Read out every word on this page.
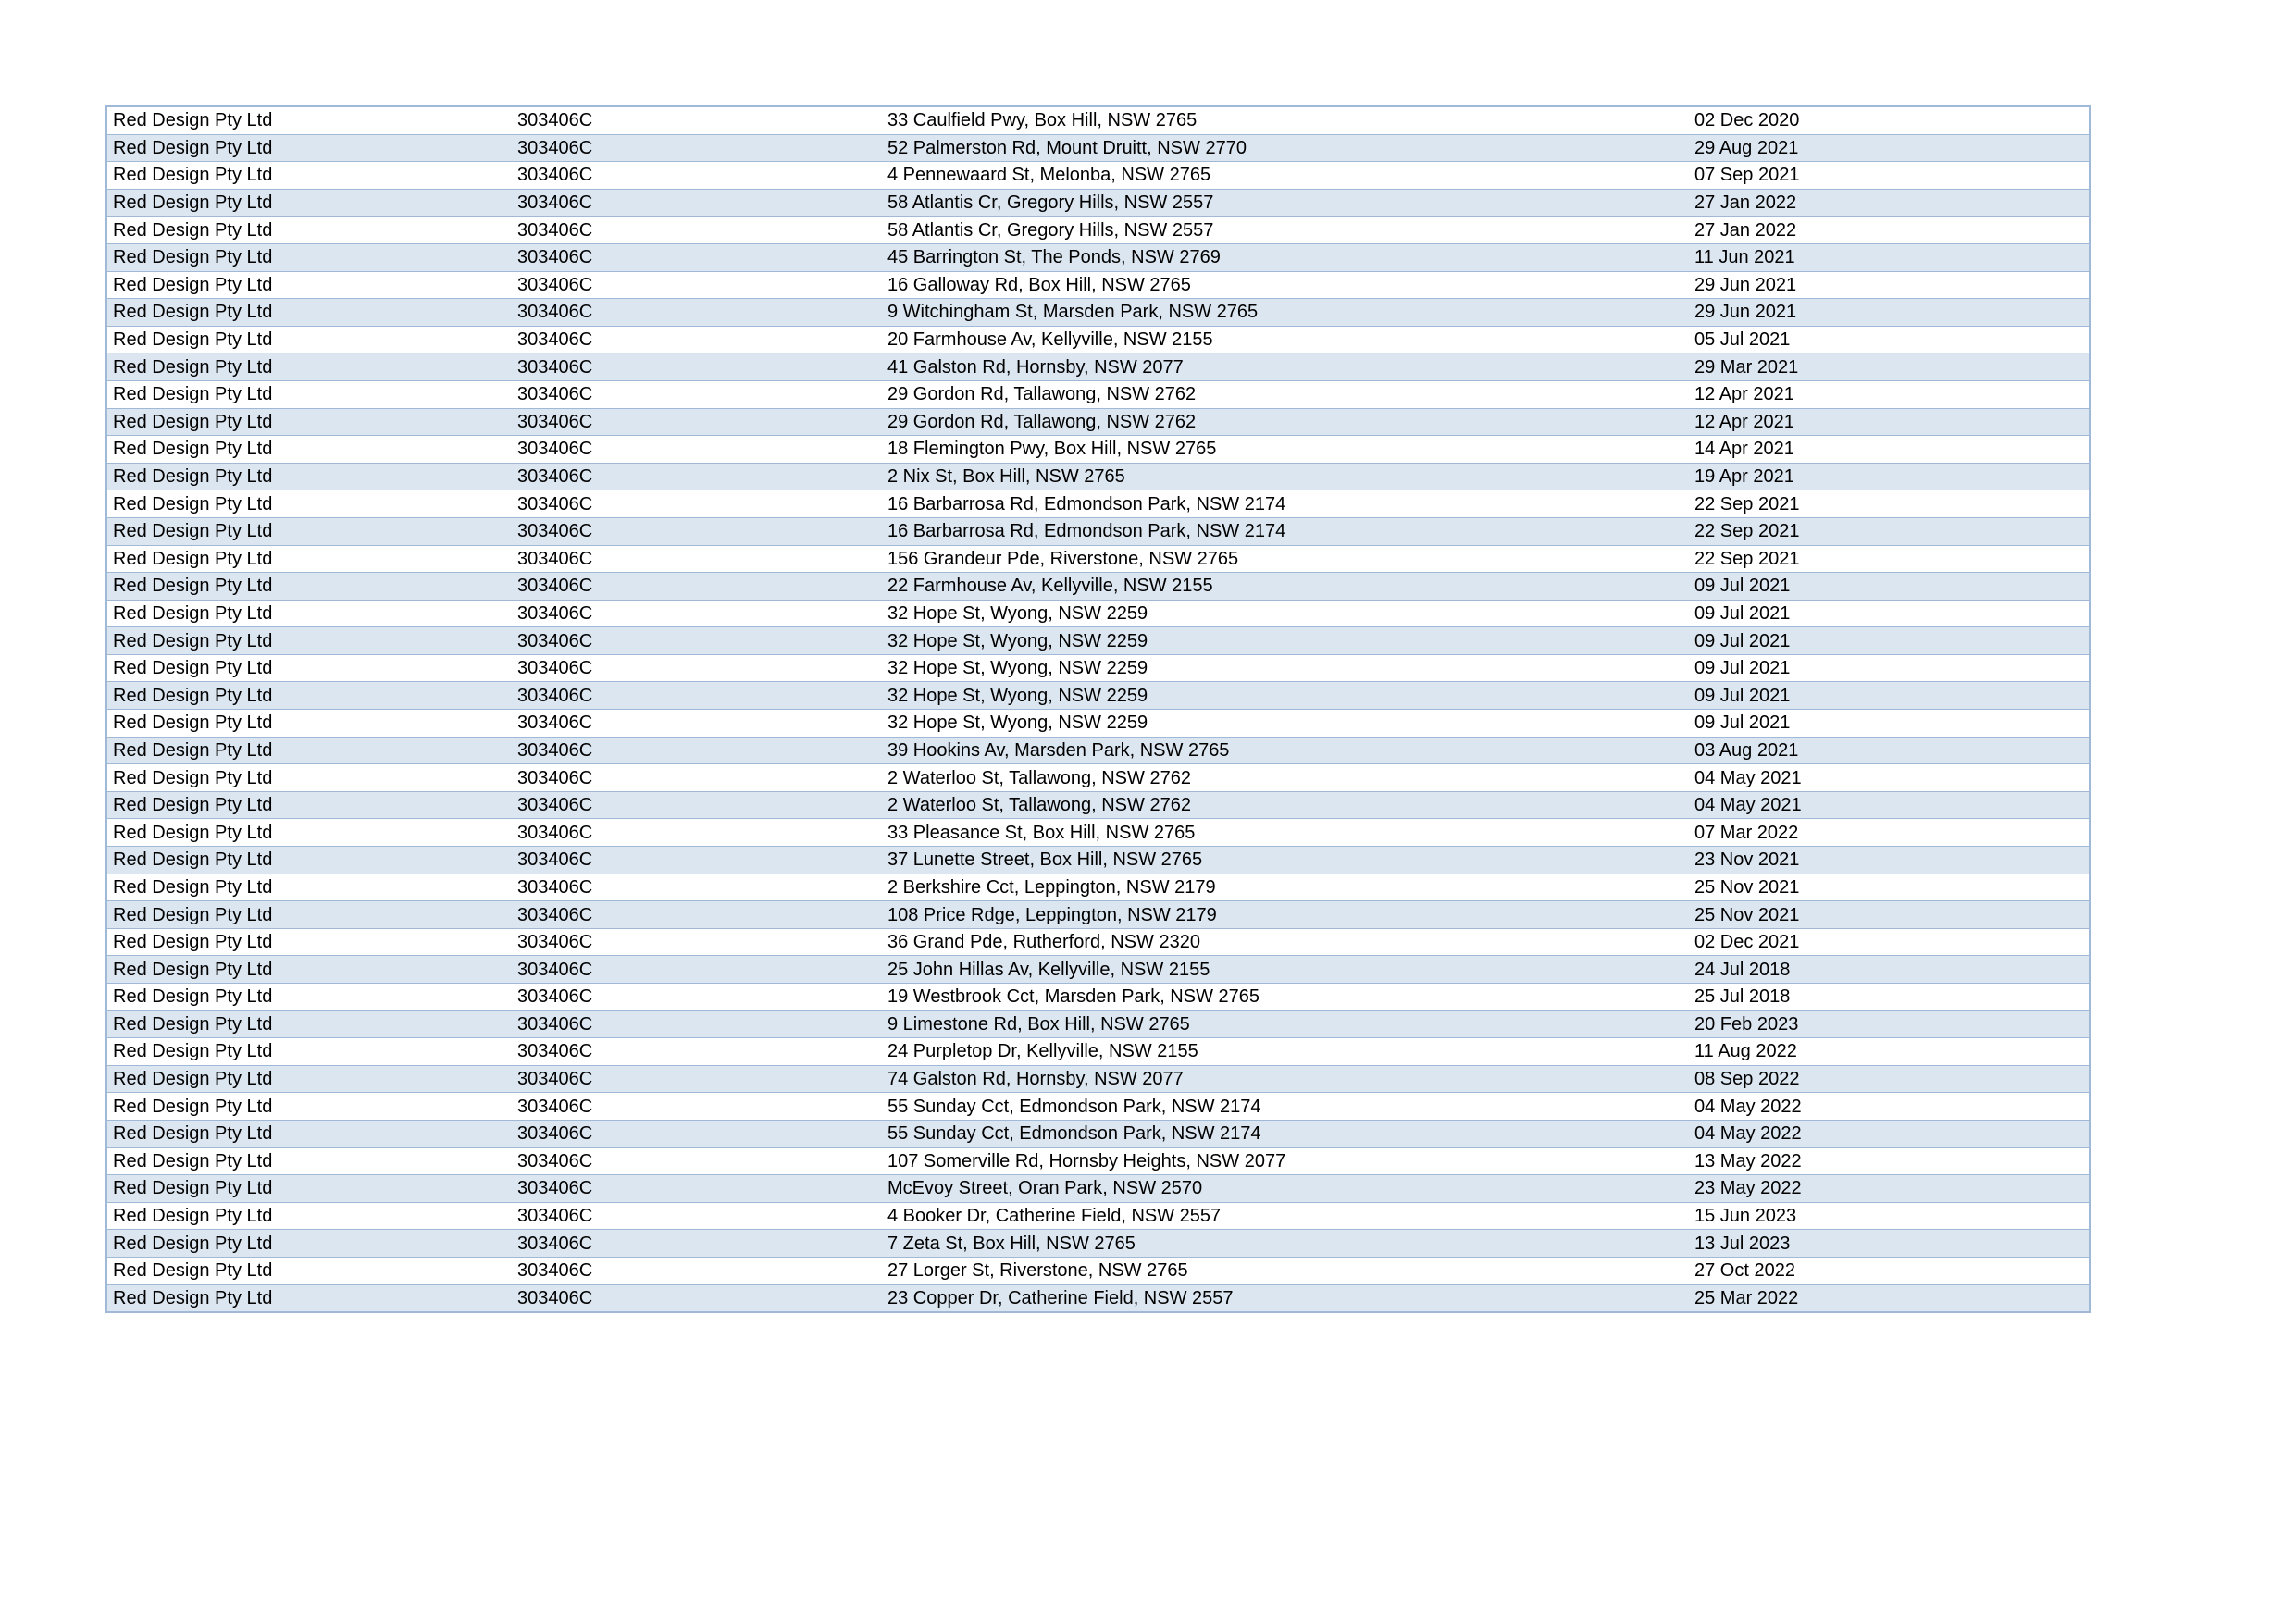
Red Design Pty Ltd	303406C	33 Caulfield Pwy, Box Hill, NSW 2765	02 Dec 2020
Red Design Pty Ltd	303406C	52 Palmerston Rd, Mount Druitt, NSW 2770	29 Aug 2021
Red Design Pty Ltd	303406C	4 Pennewaard St, Melonba, NSW 2765	07 Sep 2021
Red Design Pty Ltd	303406C	58 Atlantis Cr, Gregory Hills, NSW 2557	27 Jan 2022
Red Design Pty Ltd	303406C	58 Atlantis Cr, Gregory Hills, NSW 2557	27 Jan 2022
Red Design Pty Ltd	303406C	45 Barrington St, The Ponds, NSW 2769	11 Jun 2021
Red Design Pty Ltd	303406C	16 Galloway Rd, Box Hill, NSW 2765	29 Jun 2021
Red Design Pty Ltd	303406C	9 Witchingham St, Marsden Park, NSW 2765	29 Jun 2021
Red Design Pty Ltd	303406C	20 Farmhouse Av, Kellyville, NSW 2155	05 Jul 2021
Red Design Pty Ltd	303406C	41 Galston Rd, Hornsby, NSW 2077	29 Mar 2021
Red Design Pty Ltd	303406C	29 Gordon Rd, Tallawong, NSW 2762	12 Apr 2021
Red Design Pty Ltd	303406C	29 Gordon Rd, Tallawong, NSW 2762	12 Apr 2021
Red Design Pty Ltd	303406C	18 Flemington Pwy, Box Hill, NSW 2765	14 Apr 2021
Red Design Pty Ltd	303406C	2 Nix St, Box Hill, NSW 2765	19 Apr 2021
Red Design Pty Ltd	303406C	16 Barbarrosa Rd, Edmondson Park, NSW 2174	22 Sep 2021
Red Design Pty Ltd	303406C	16 Barbarrosa Rd, Edmondson Park, NSW 2174	22 Sep 2021
Red Design Pty Ltd	303406C	156 Grandeur Pde, Riverstone, NSW 2765	22 Sep 2021
Red Design Pty Ltd	303406C	22 Farmhouse Av, Kellyville, NSW 2155	09 Jul 2021
Red Design Pty Ltd	303406C	32 Hope St, Wyong, NSW 2259	09 Jul 2021
Red Design Pty Ltd	303406C	32 Hope St, Wyong, NSW 2259	09 Jul 2021
Red Design Pty Ltd	303406C	32 Hope St, Wyong, NSW 2259	09 Jul 2021
Red Design Pty Ltd	303406C	32 Hope St, Wyong, NSW 2259	09 Jul 2021
Red Design Pty Ltd	303406C	32 Hope St, Wyong, NSW 2259	09 Jul 2021
Red Design Pty Ltd	303406C	39 Hookins Av, Marsden Park, NSW 2765	03 Aug 2021
Red Design Pty Ltd	303406C	2 Waterloo St, Tallawong, NSW 2762	04 May 2021
Red Design Pty Ltd	303406C	2 Waterloo St, Tallawong, NSW 2762	04 May 2021
Red Design Pty Ltd	303406C	33 Pleasance St, Box Hill, NSW 2765	07 Mar 2022
Red Design Pty Ltd	303406C	37 Lunette Street, Box Hill, NSW 2765	23 Nov 2021
Red Design Pty Ltd	303406C	2 Berkshire Cct, Leppington, NSW 2179	25 Nov 2021
Red Design Pty Ltd	303406C	108 Price Rdge, Leppington, NSW 2179	25 Nov 2021
Red Design Pty Ltd	303406C	36 Grand Pde, Rutherford, NSW 2320	02 Dec 2021
Red Design Pty Ltd	303406C	25 John Hillas Av, Kellyville, NSW 2155	24 Jul 2018
Red Design Pty Ltd	303406C	19 Westbrook Cct, Marsden Park, NSW 2765	25 Jul 2018
Red Design Pty Ltd	303406C	9 Limestone Rd, Box Hill, NSW 2765	20 Feb 2023
Red Design Pty Ltd	303406C	24 Purpletop Dr, Kellyville, NSW 2155	11 Aug 2022
Red Design Pty Ltd	303406C	74 Galston Rd, Hornsby, NSW 2077	08 Sep 2022
Red Design Pty Ltd	303406C	55 Sunday Cct, Edmondson Park, NSW 2174	04 May 2022
Red Design Pty Ltd	303406C	55 Sunday Cct, Edmondson Park, NSW 2174	04 May 2022
Red Design Pty Ltd	303406C	107 Somerville Rd, Hornsby Heights, NSW 2077	13 May 2022
Red Design Pty Ltd	303406C	McEvoy Street, Oran Park, NSW 2570	23 May 2022
Red Design Pty Ltd	303406C	4 Booker Dr, Catherine Field, NSW 2557	15 Jun 2023
Red Design Pty Ltd	303406C	7 Zeta St, Box Hill, NSW 2765	13 Jul 2023
Red Design Pty Ltd	303406C	27 Lorger St, Riverstone, NSW 2765	27 Oct 2022
Red Design Pty Ltd	303406C	23 Copper Dr, Catherine Field, NSW 2557	25 Mar 2022
